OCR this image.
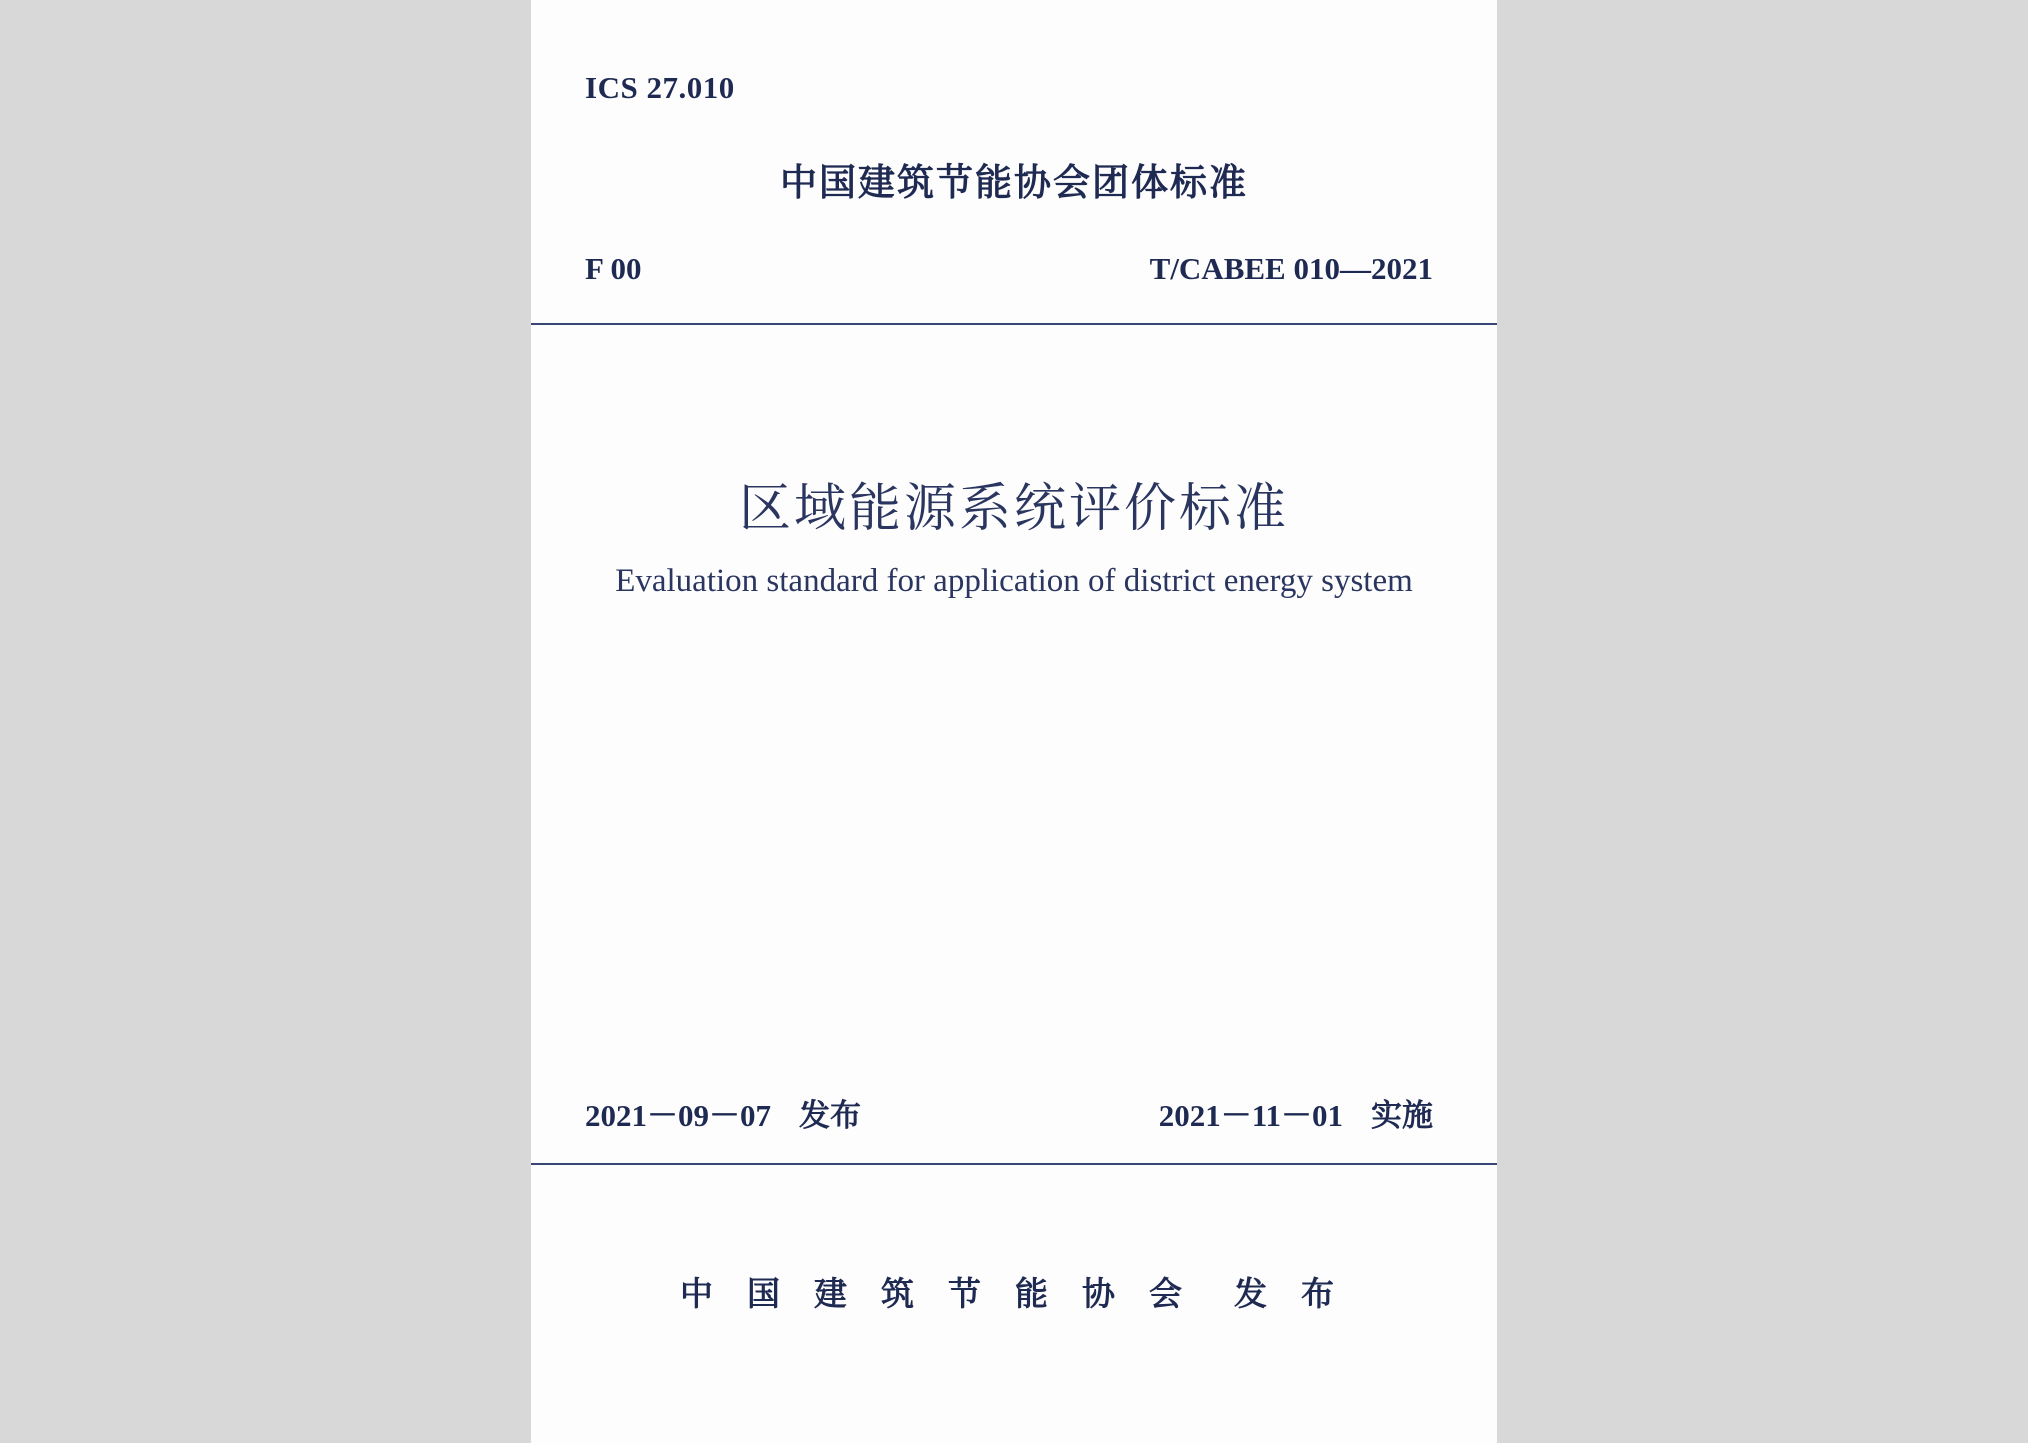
ICS 27.010
中国建筑节能协会团体标准
F 00	T/CABEE 010—2021
区域能源系统评价标准
Evaluation standard for application of district energy system
2021－09－07 发布	2021－11－01 实施
中国建筑节能协会 发布
